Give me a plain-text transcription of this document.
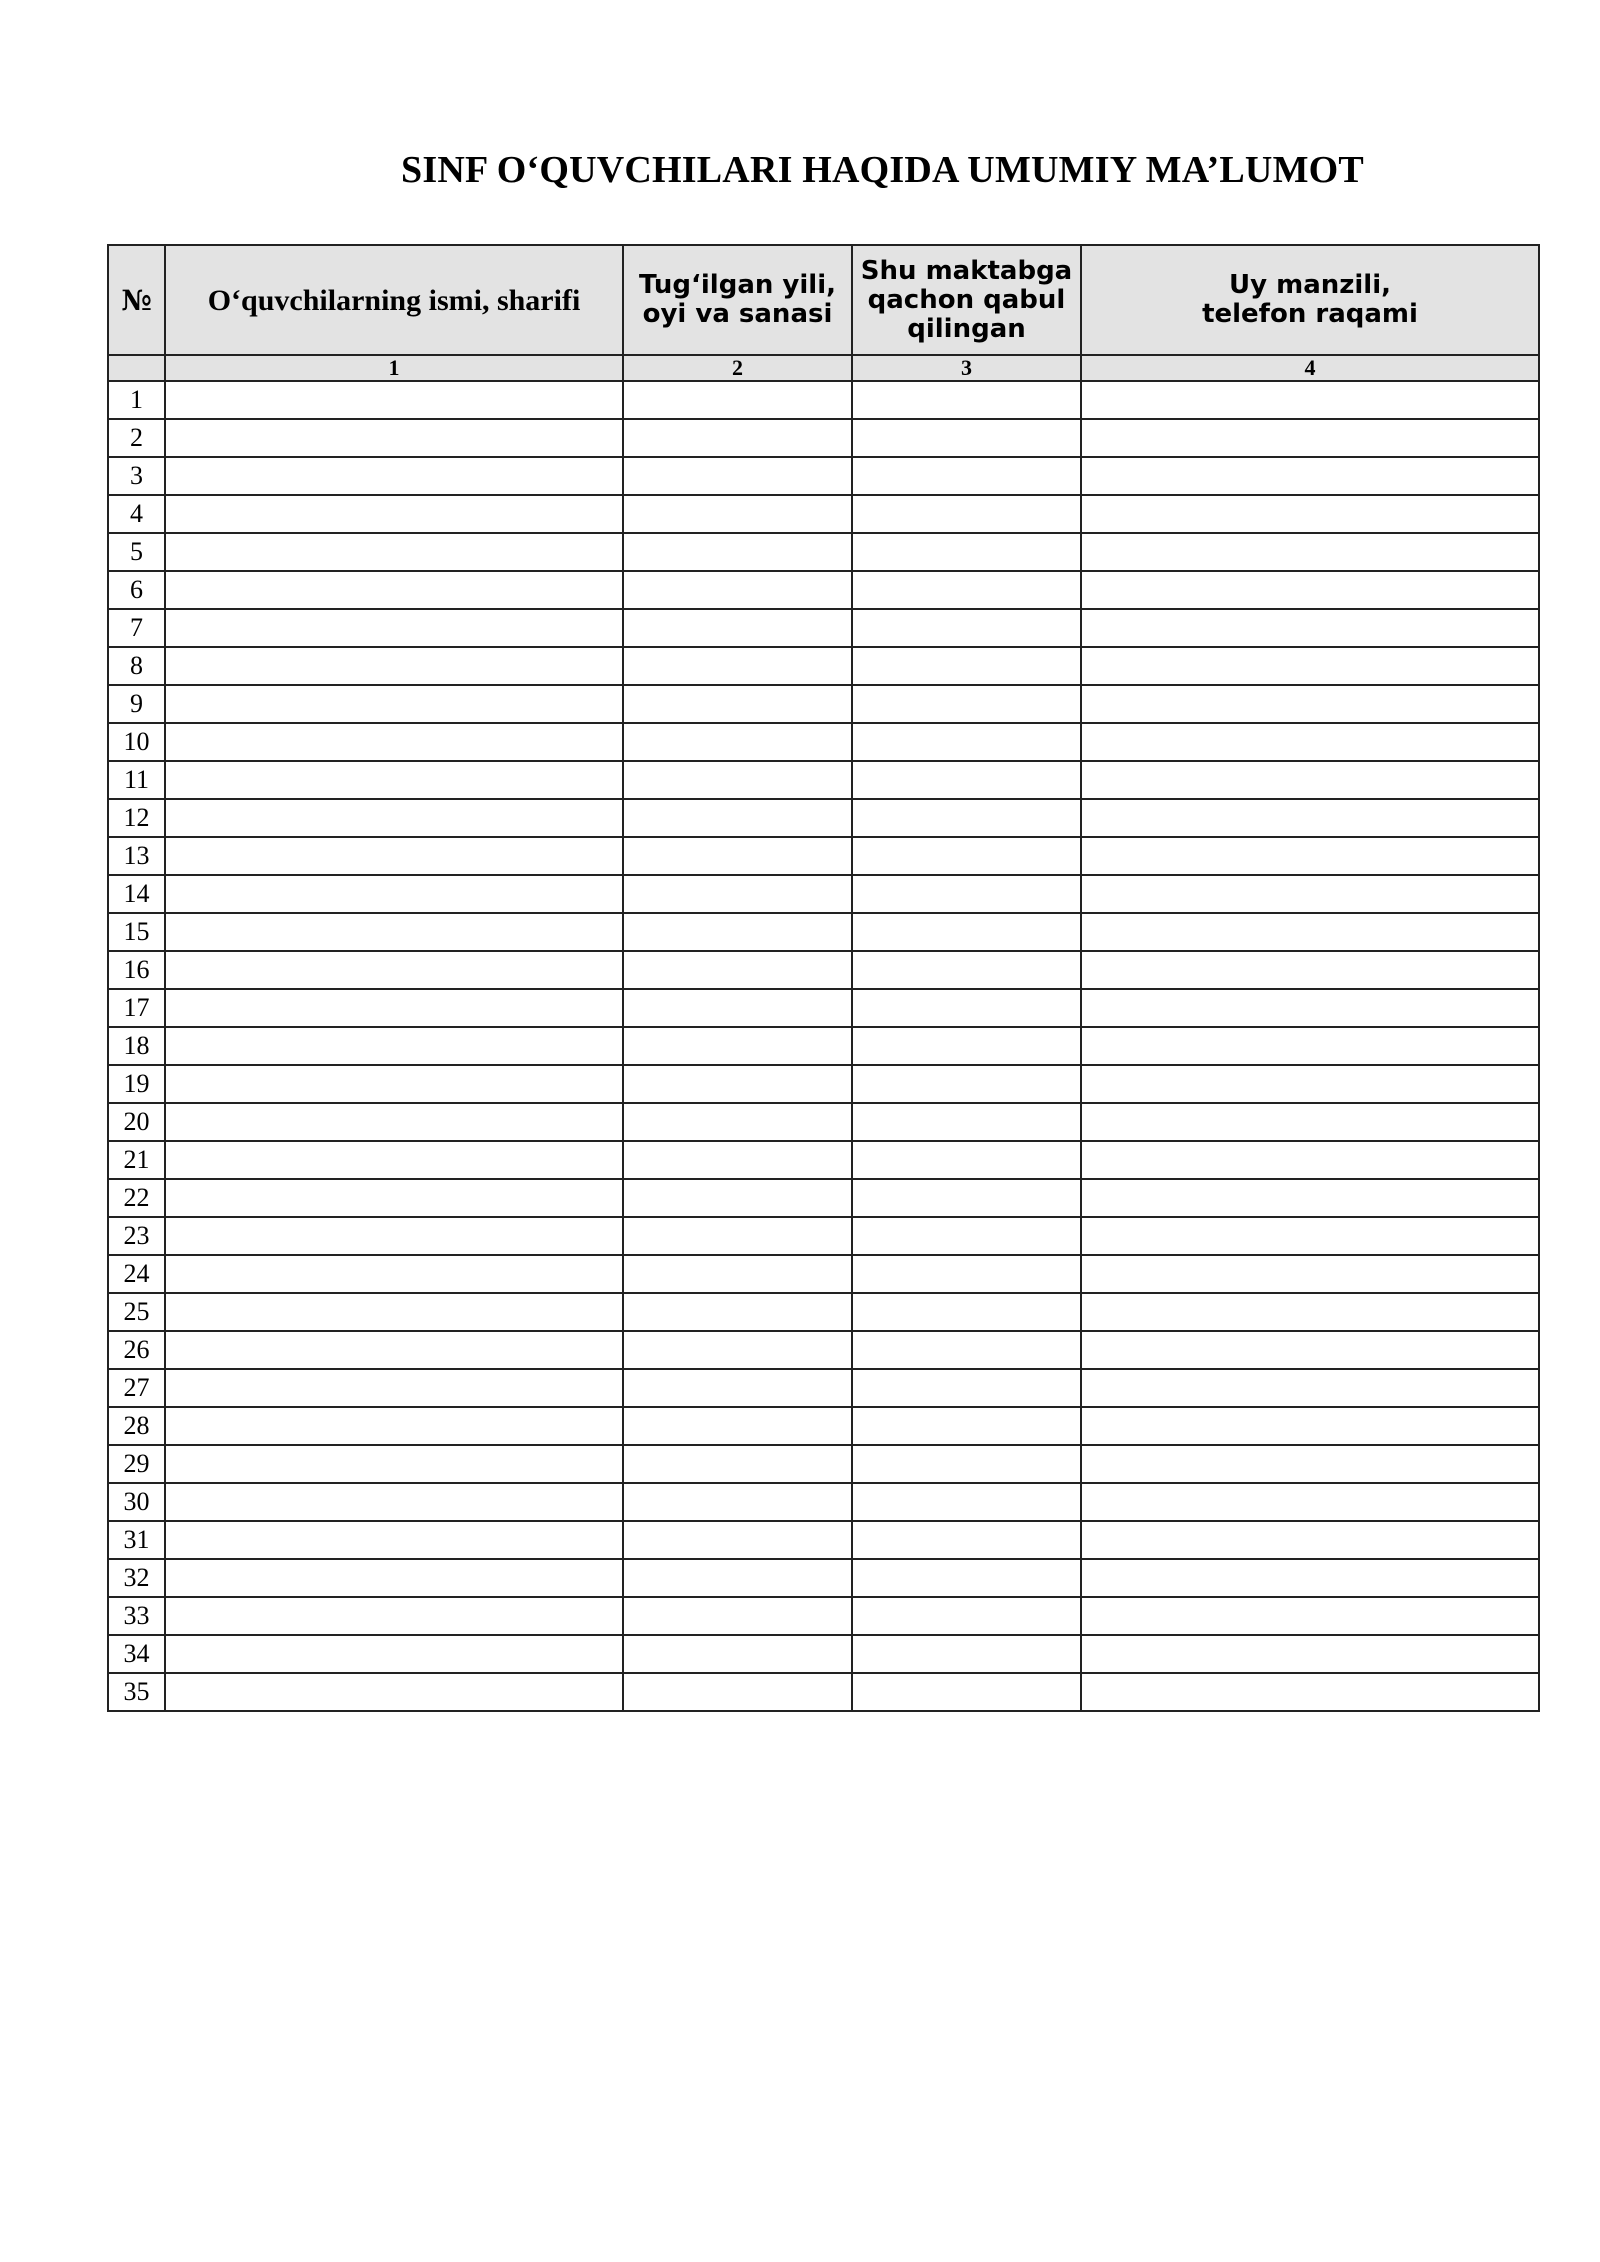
SINF O‘QUVCHILARI HAQIDA UMUMIY MA’LUMOT
№	O‘quvchilarning ismi, sharifi	Tug‘ilgan yili,
oyi va sanasi	Shu maktabga
qachon qabul
qilingan	Uy manzili,
telefon raqami

	1	2	3	4
1				
2				
3				
4				
5				
6				
7				
8				
9				
10				
11				
12				
13				
14				
15				
16				
17				
18				
19				
20				
21				
22				
23				
24				
25				
26				
27				
28				
29				
30				
31				
32				
33				
34				
35				
